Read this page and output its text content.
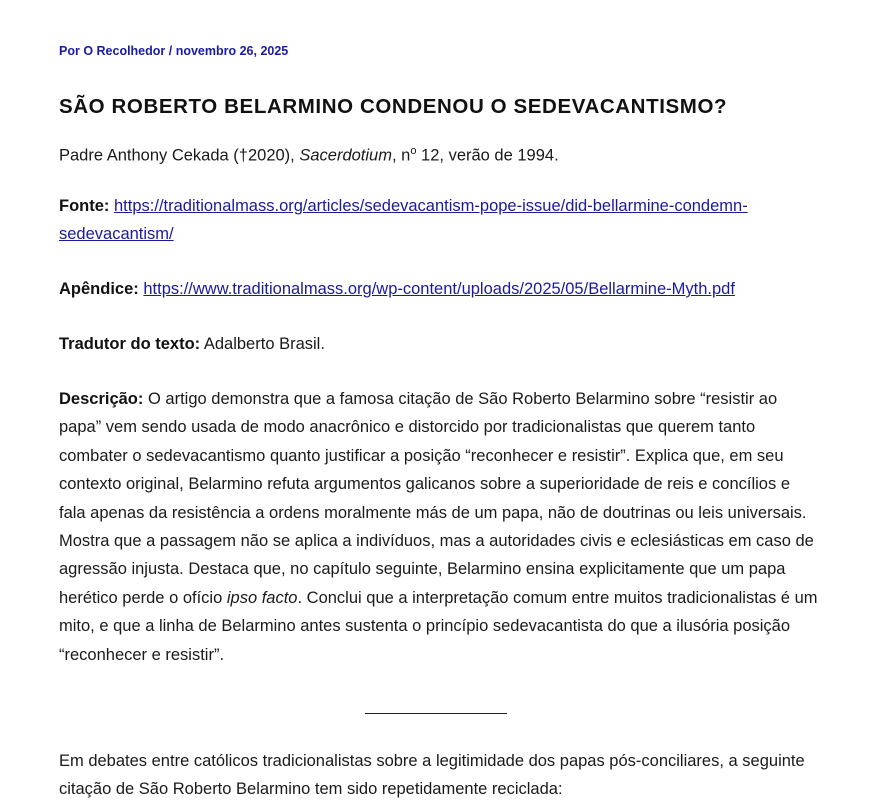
Por O Recolhedor / novembro 26, 2025
SÃO ROBERTO BELARMINO CONDENOU O SEDEVACANTISMO?

Padre Anthony Cekada (†2020), Sacerdotium, $n^o$ 12, verão de 1994.

Fonte: https://traditionalmass.org/articles/sedevacantism-pope-issue/did-bellarmine-condemn-sedevacantism/

Apêndice: https://www.traditionalmass.org/wp-content/uploads/2025/05/Bellarmine-Myth.pdf

Tradutor do texto: Adalberto Brasil.

Descrição: O artigo demonstra que a famosa citação de São Roberto Belarmino sobre “resistir ao papa” vem sendo usada de modo anacrônico e distorcido por tradicionalistas que querem tanto combater o sedevacantismo quanto justificar a posição “reconhecer e resistir”. Explica que, em seu contexto original, Belarmino refuta argumentos galicanos sobre a superioridade de reis e concílios e fala apenas da resistência a ordens moralmente más de um papa, não de doutrinas ou leis universais. Mostra que a passagem não se aplica a indivíduos, mas a autoridades civis e eclesiásticas em caso de agressão injusta. Destaca que, no capítulo seguinte, Belarmino ensina explicitamente que um papa herético perde o ofício ipso facto. Conclui que a interpretação comum entre muitos tradicionalistas é um mito, e que a linha de Belarmino antes sustenta o princípio sedevacantista do que a ilusória posição “reconhecer e resistir”.

Em debates entre católicos tradicionalistas sobre a legitimidade dos papas pós-conciliares, a seguinte citação de São Roberto Belarmino tem sido repetidamente reciclada:
